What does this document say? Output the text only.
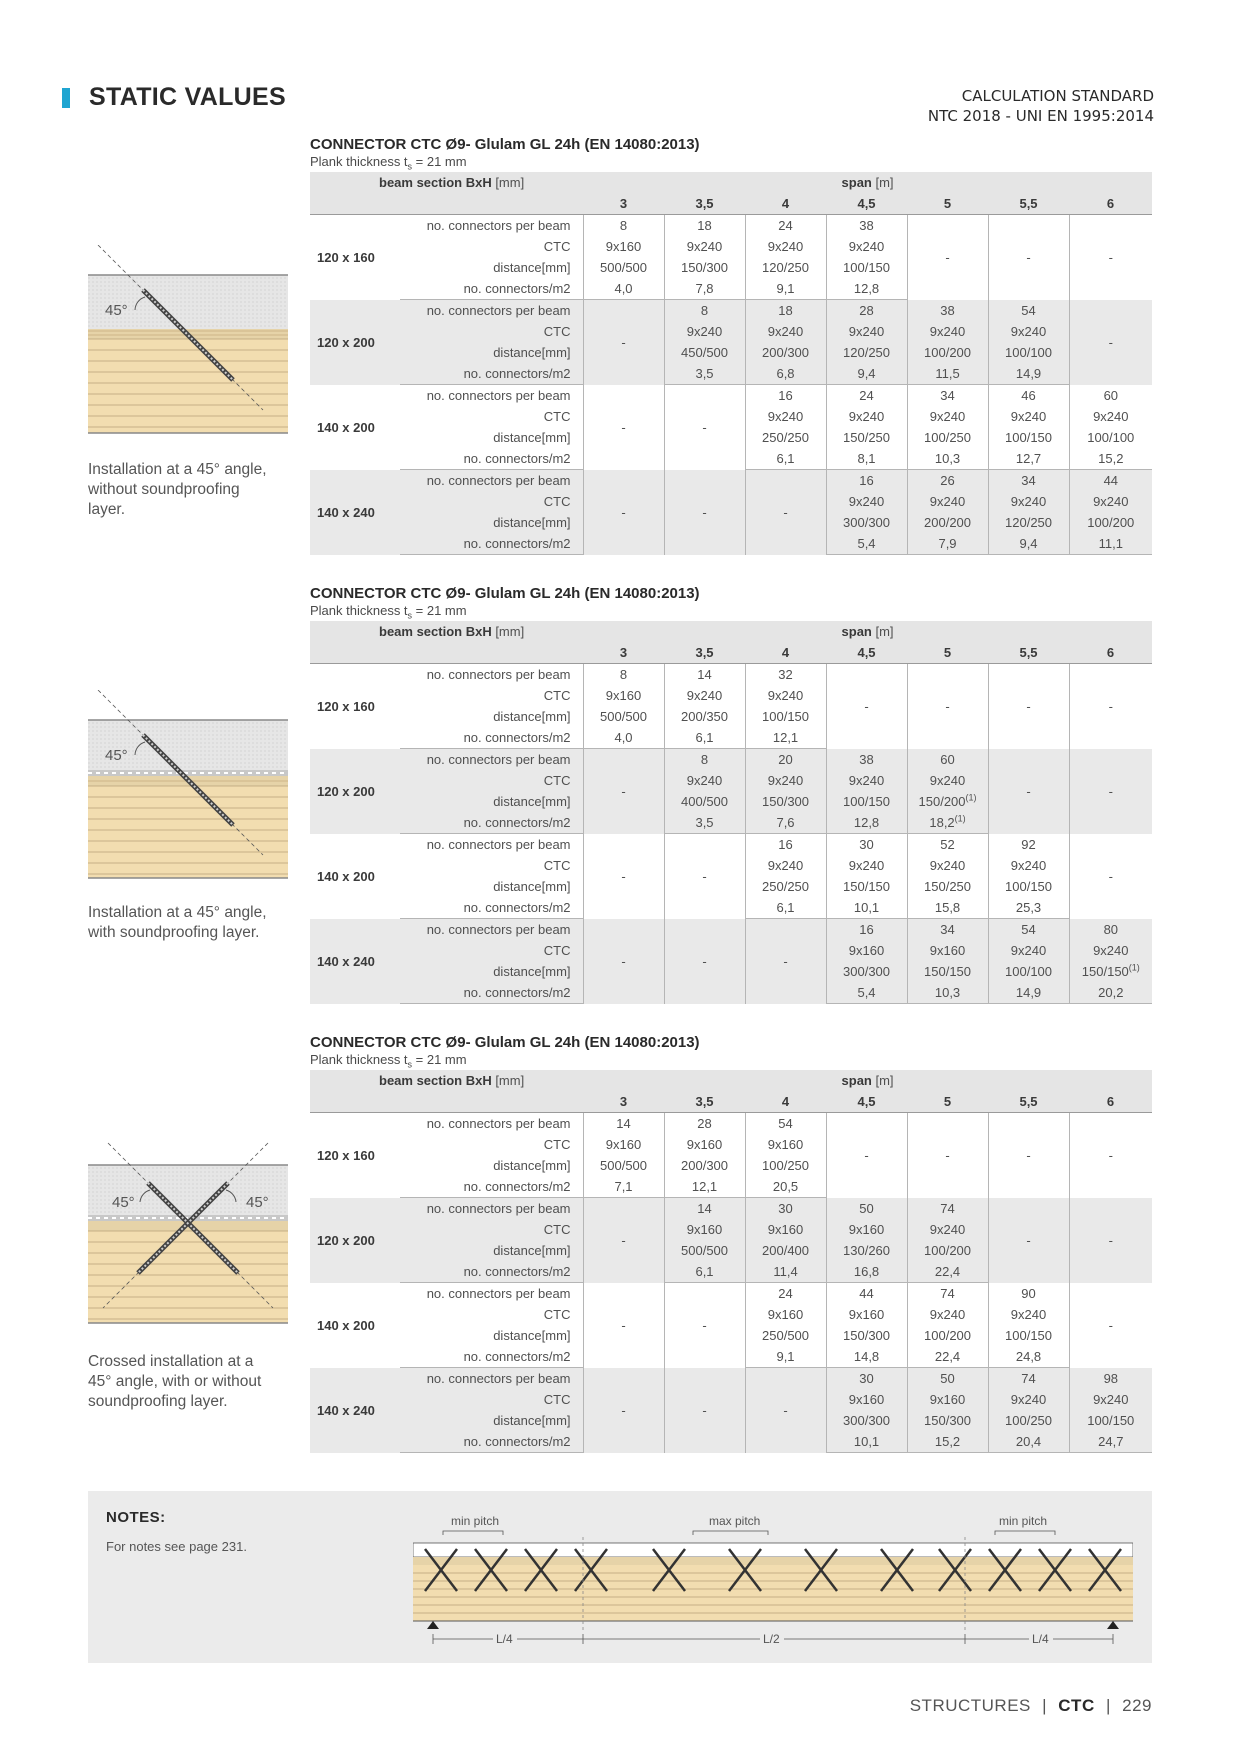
STATIC VALUES	CALCULATION STANDARD
NTC 2018 - UNI EN 1995:2014
CONNECTOR CTC Ø9- Glulam GL 24h (EN 14080:2013)
Plank thickness $t_s = 21$ mm
beam section BxH [mm]		span [m]						
		3	3,5	4	4,5	5	5,5	6
120 x 160	no. connectors per beam	8	18	24	38	-	-	-
	CTC	9x160	9x240	9x240	9x240			
	distance[mm]	500/500	150/300	120/250	100/150			
	no. connectors/m2	4,0	7,8	9,1	12,8			
120 x 200	no. connectors per beam	-	8	18	28	38	54	-
	CTC		9x240	9x240	9x240	9x240	9x240	
	distance[mm]		450/500	200/300	120/250	100/200	100/100	
	no. connectors/m2		3,5	6,8	9,4	11,5	14,9	
140 x 200	no. connectors per beam	-	-	16	24	34	46	60
	CTC			9x240	9x240	9x240	9x240	9x240
	distance[mm]			250/250	150/250	100/250	100/150	100/100
	no. connectors/m2			6,1	8,1	10,3	12,7	15,2
140 x 240	no. connectors per beam	-	-	-	16	26	34	44
	CTC				9x240	9x240	9x240	9x240
	distance[mm]				300/300	200/200	120/250	100/200
	no. connectors/m2				5,4	7,9	9,4	11,1
CONNECTOR CTC Ø9- Glulam GL 24h (EN 14080:2013)
Plank thickness $t_s = 21$ mm
beam section BxH [mm]		span [m]						
		3	3,5	4	4,5	5	5,5	6
120 x 160	no. connectors per beam	8	14	32	-	-	-	-
	CTC	9x160	9x240	9x240				
	distance[mm]	500/500	200/350	100/150				
	no. connectors/m2	4,0	6,1	12,1				
120 x 200	no. connectors per beam	-	8	20	38	60	-	-
	CTC		9x240	9x240	9x240	9x240		
	distance[mm]		400/500	150/300	100/150	150/200$^{(1)}$
	no. connectors/m2		3,5	7,6	12,8	18,2$^{(1)}$
140 x 200	no. connectors per beam	-	-	16	30	52	92	-
	CTC			9x240	9x240	9x240	9x240	
	distance[mm]			250/250	150/150	150/250	100/150	
	no. connectors/m2			6,1	10,1	15,8	25,3	
140 x 240	no. connectors per beam	-	-	-	16	34	54	80
	CTC				9x160	9x160	9x240	9x240
	distance[mm]				300/300	150/150	100/100	150/150$^{(1)}$
	no. connectors/m2				5,4	10,3	14,9	20,2
CONNECTOR CTC Ø9- Glulam GL 24h (EN 14080:2013)
Plank thickness $t_s = 21$ mm
beam section BxH [mm]		span [m]						
		3	3,5	4	4,5	5	5,5	6
120 x 160	no. connectors per beam	14	28	54	-	-	-	-
	CTC	9x160	9x160	9x160				
	distance[mm]	500/500	200/300	100/250				
	no. connectors/m2	7,1	12,1	20,5				
120 x 200	no. connectors per beam	-	14	30	50	74	-	-
	CTC		9x160	9x160	9x160	9x240		
	distance[mm]		500/500	200/400	130/260	100/200		
	no. connectors/m2		6,1	11,4	16,8	22,4		
140 x 200	no. connectors per beam	-	-	24	44	74	90	-
	CTC			9x160	9x160	9x240	9x240	
	distance[mm]			250/500	150/300	100/200	100/150	
	no. connectors/m2			9,1	14,8	22,4	24,8	
140 x 240	no. connectors per beam	-	-	-	30	50	74	98
	CTC				9x160	9x160	9x240	9x240
	distance[mm]				300/300	150/300	100/250	100/150
	no. connectors/m2				10,1	15,2	20,4	24,7
45°
Installation at a 45° angle,
without soundproofing
layer.
45°
Installation at a 45° angle,
with soundproofing layer.
45°	45°
Crossed installation at a
45° angle, with or without
soundproofing layer.
NOTES:
For notes see page 231.
min pitch	max pitch	min pitch
L/4	L/2	L/4
STRUCTURES | CTC | 229
